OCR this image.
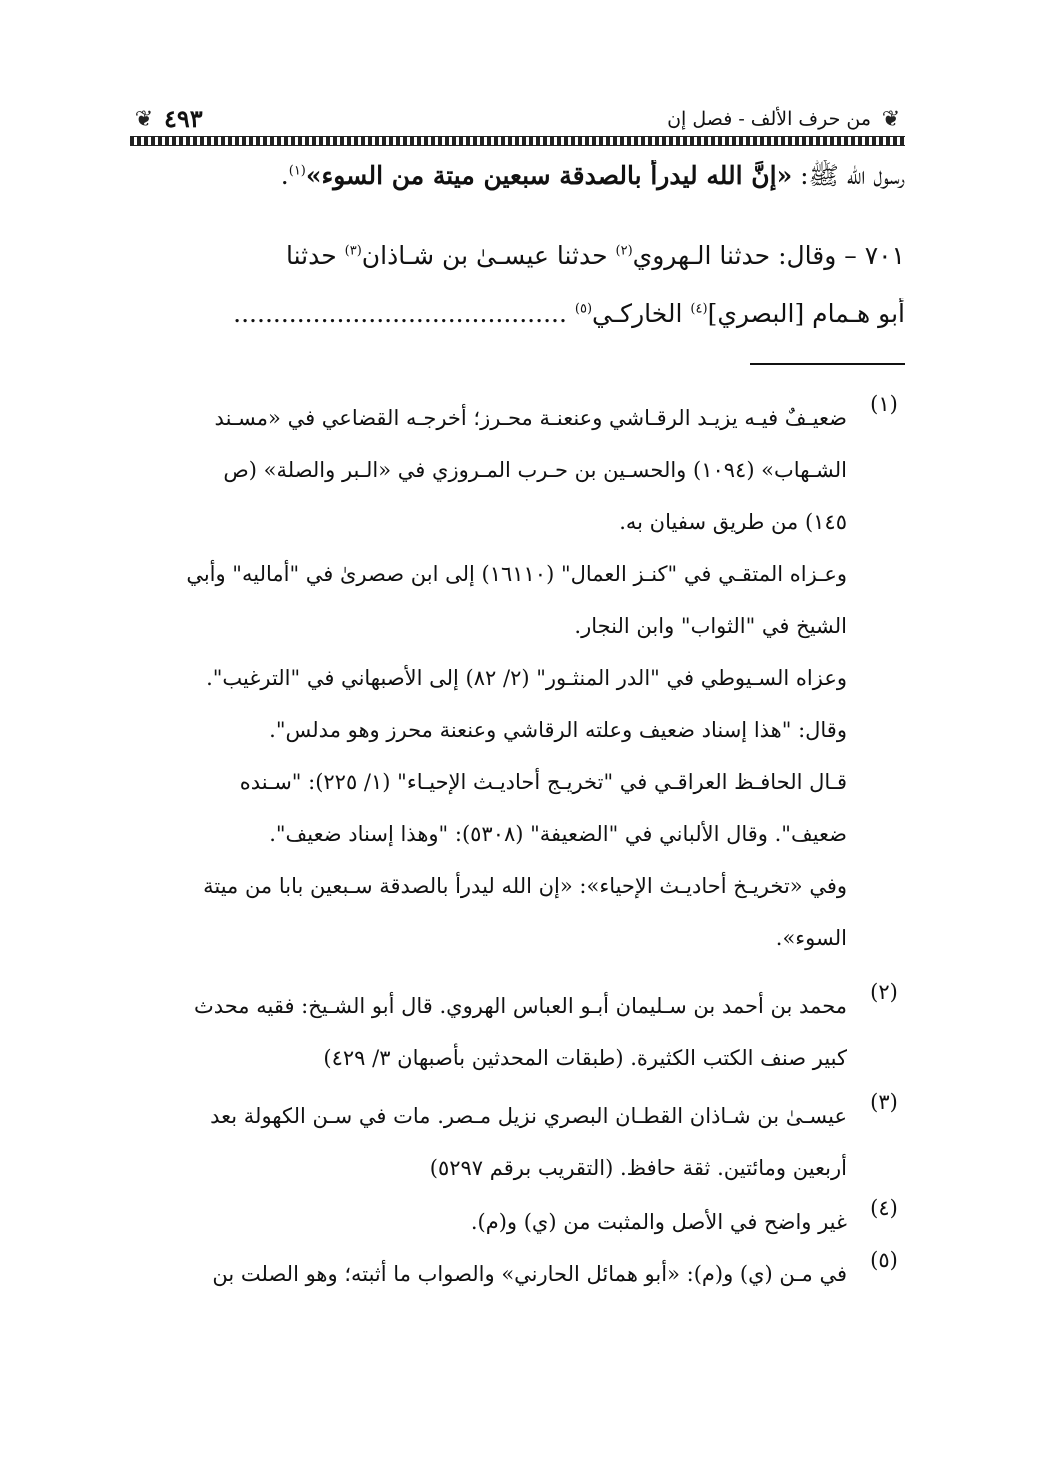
❦
من حرف الألف - فصل إن
٤٩٣
❦
رسول الله ﷺ: «إنَّ الله ليدرأُ بالصدقة سبعين ميتة من السوء»$^{(١)}$.
٧٠١ – وقال: حدثنا الـهروي$^{(٢)}$ حدثنا عيسـىٰ بن شـاذان$^{(٣)}$ حدثنا
أبو هـمام [البصري]$^{(٤)}$ الخاركـي$^{(٥)}$ ..........................................
(١)
ضعيـفٌ فيـه يزيـد الرقـاشي وعنعنـة محـرز؛ أخرجـه القضاعي في «مسـند
الشـهاب» (١٠٩٤) والحسـين بن حـرب المـروزي في «الـبر والصلة» (ص
١٤٥) من طريق سفيان به.
وعـزاه المتقـي في "كنـز العمال" (١٦١١٠) إلى ابن صصرىٰ في "أماليه" وأبي
الشيخ في "الثواب" وابن النجار.
وعزاه السـيوطي في "الدر المنثـور" (٢/ ٨٢) إلى الأصبهاني في "الترغيب".
وقال: "هذا إسناد ضعيف وعلته الرقاشي وعنعنة محرز وهو مدلس".
قـال الحافـظ العراقـي في "تخريـج أحاديـث الإحيـاء" (١/ ٢٢٥): "سـنده
ضعيف". وقال الألباني في "الضعيفة" (٥٣٠٨): "وهذا إسناد ضعيف".
وفي «تخريـخ أحاديـث الإحياء»: «إن الله ليدرأ بالصدقة سـبعين بابا من ميتة
السوء».
(٢)
محمد بن أحمد بن سـليمان أبـو العباس الهروي. قال أبو الشـيخ: فقيه محدث
كبير صنف الكتب الكثيرة. (طبقات المحدثين بأصبهان ٣/ ٤٢٩)
(٣)
عيسـىٰ بن شـاذان القطـان البصري نزيل مـصر. مات في سـن الكهولة بعد
أربعين ومائتين. ثقة حافظ. (التقريب برقم ٥٢٩٧)
(٤)
غير واضح في الأصل والمثبت من (ي) و(م).
(٥)
في مـن (ي) و(م): «أبو همائل الحارني» والصواب ما أثبته؛ وهو الصلت بن
